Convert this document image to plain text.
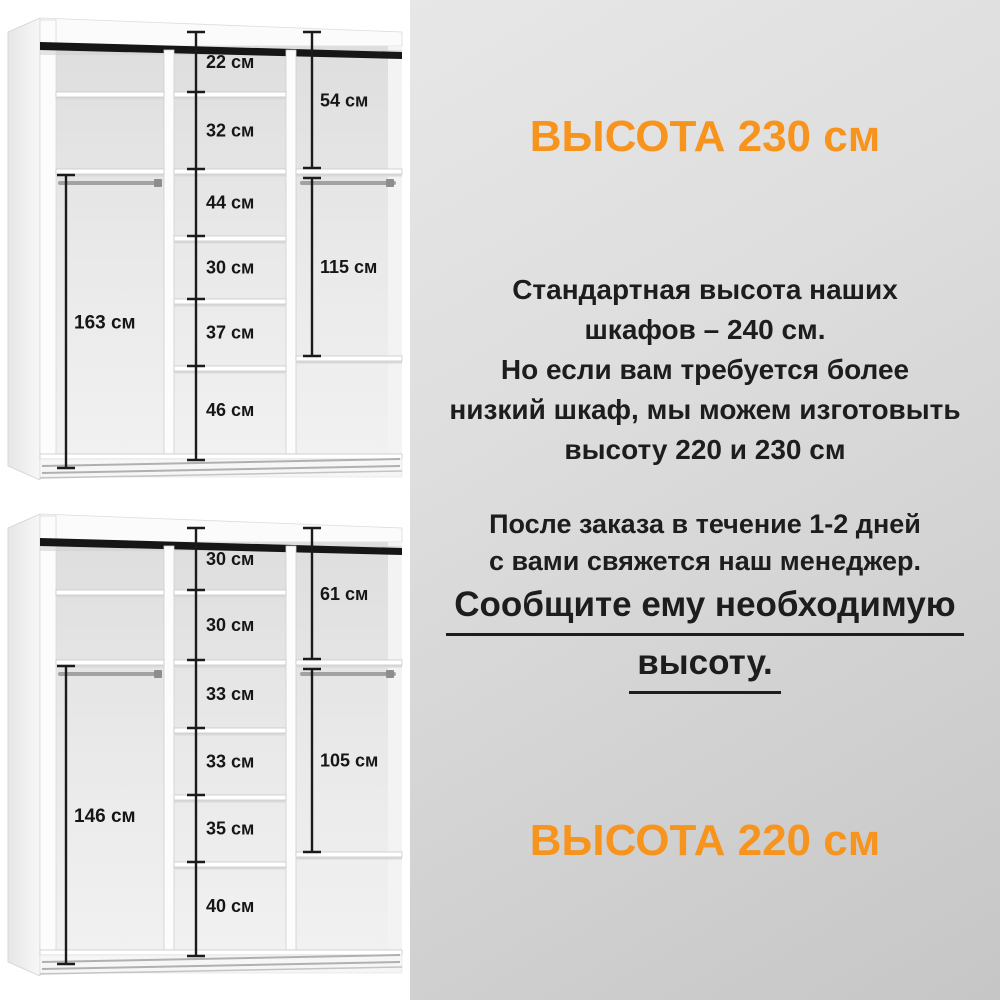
22 см
32 см
44 см
30 см
37 см
46 см
163 см
54 см
115 см
30 см
30 см
33 см
33 см
35 см
40 см
146 см
61 см
105 см
ВЫСОТА 230 см
Стандартная высота наших
шкафов – 240 см.
Но если вам требуется более
низкий шкаф, мы можем изготовыть
высоту 220 и 230 см
После заказа в течение 1-2 дней
с вами свяжется наш менеджер.
Сообщите ему необходимую
высоту.
ВЫСОТА 220 см
